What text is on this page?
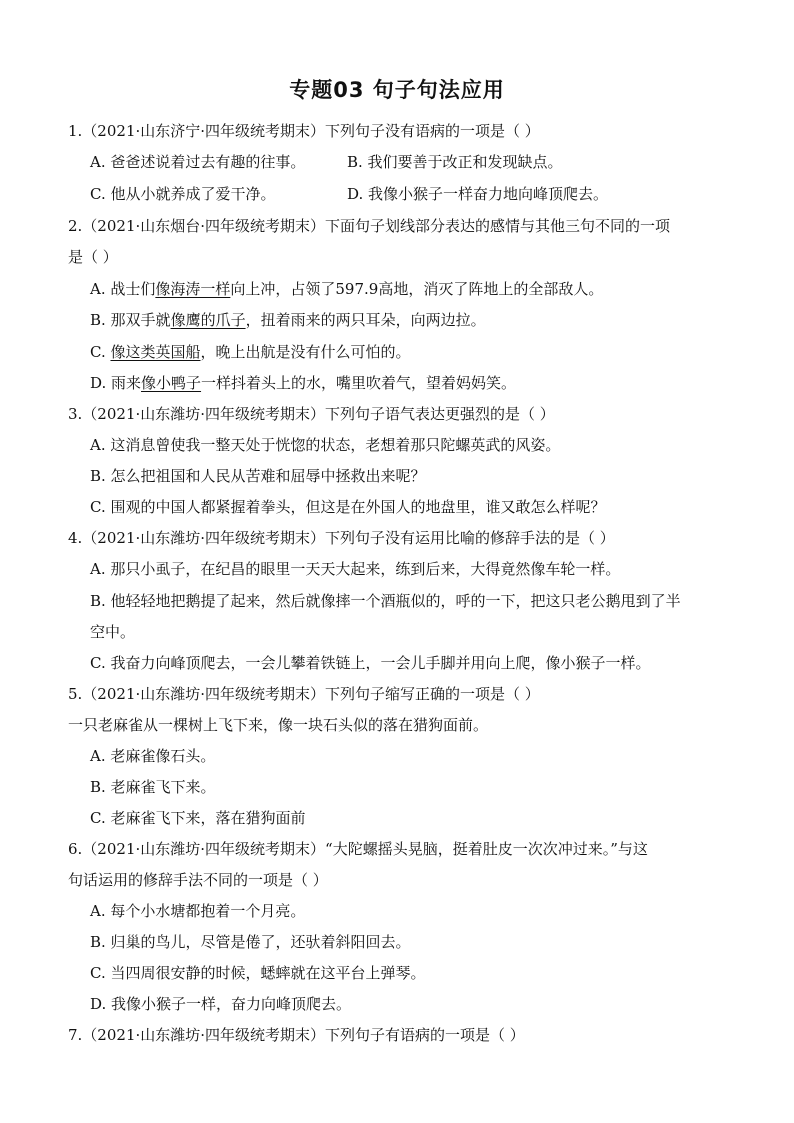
专题03 句子句法应用
1.（2021·山东济宁·四年级统考期末）下列句子没有语病的一项是（ ）
A. 爸爸述说着过去有趣的往事。	B. 我们要善于改正和发现缺点。
C. 他从小就养成了爱干净。	D. 我像小猴子一样奋力地向峰顶爬去。
2.（2021·山东烟台·四年级统考期末）下面句子划线部分表达的感情与其他三句不同的一项
是（ ）
A. 战士们像海涛一样向上冲，占领了597.9高地，消灭了阵地上的全部敌人。
B. 那双手就像鹰的爪子，扭着雨来的两只耳朵，向两边拉。
C. 像这类英国船，晚上出航是没有什么可怕的。
D. 雨来像小鸭子一样抖着头上的水，嘴里吹着气，望着妈妈笑。
3.（2021·山东潍坊·四年级统考期末）下列句子语气表达更强烈的是（ ）
A. 这消息曾使我一整天处于恍惚的状态，老想着那只陀螺英武的风姿。
B. 怎么把祖国和人民从苦难和屈辱中拯救出来呢？
C. 围观的中国人都紧握着拳头，但这是在外国人的地盘里，谁又敢怎么样呢？
4.（2021·山东潍坊·四年级统考期末）下列句子没有运用比喻的修辞手法的是（ ）
A. 那只小虱子，在纪昌的眼里一天天大起来，练到后来，大得竟然像车轮一样。
B. 他轻轻地把鹅提了起来，然后就像摔一个酒瓶似的，呼的一下，把这只老公鹅甩到了半
空中。
C. 我奋力向峰顶爬去，一会儿攀着铁链上，一会儿手脚并用向上爬，像小猴子一样。
5.（2021·山东潍坊·四年级统考期末）下列句子缩写正确的一项是（ ）
一只老麻雀从一棵树上飞下来，像一块石头似的落在猎狗面前。
A. 老麻雀像石头。
B. 老麻雀飞下来。
C. 老麻雀飞下来，落在猎狗面前
6.（2021·山东潍坊·四年级统考期末）“大陀螺摇头晃脑，挺着肚皮一次次冲过来。”与这
句话运用的修辞手法不同的一项是（ ）
A. 每个小水塘都抱着一个月亮。
B. 归巢的鸟儿，尽管是倦了，还驮着斜阳回去。
C. 当四周很安静的时候，蟋蟀就在这平台上弹琴。
D. 我像小猴子一样，奋力向峰顶爬去。
7.（2021·山东潍坊·四年级统考期末）下列句子有语病的一项是（ ）
